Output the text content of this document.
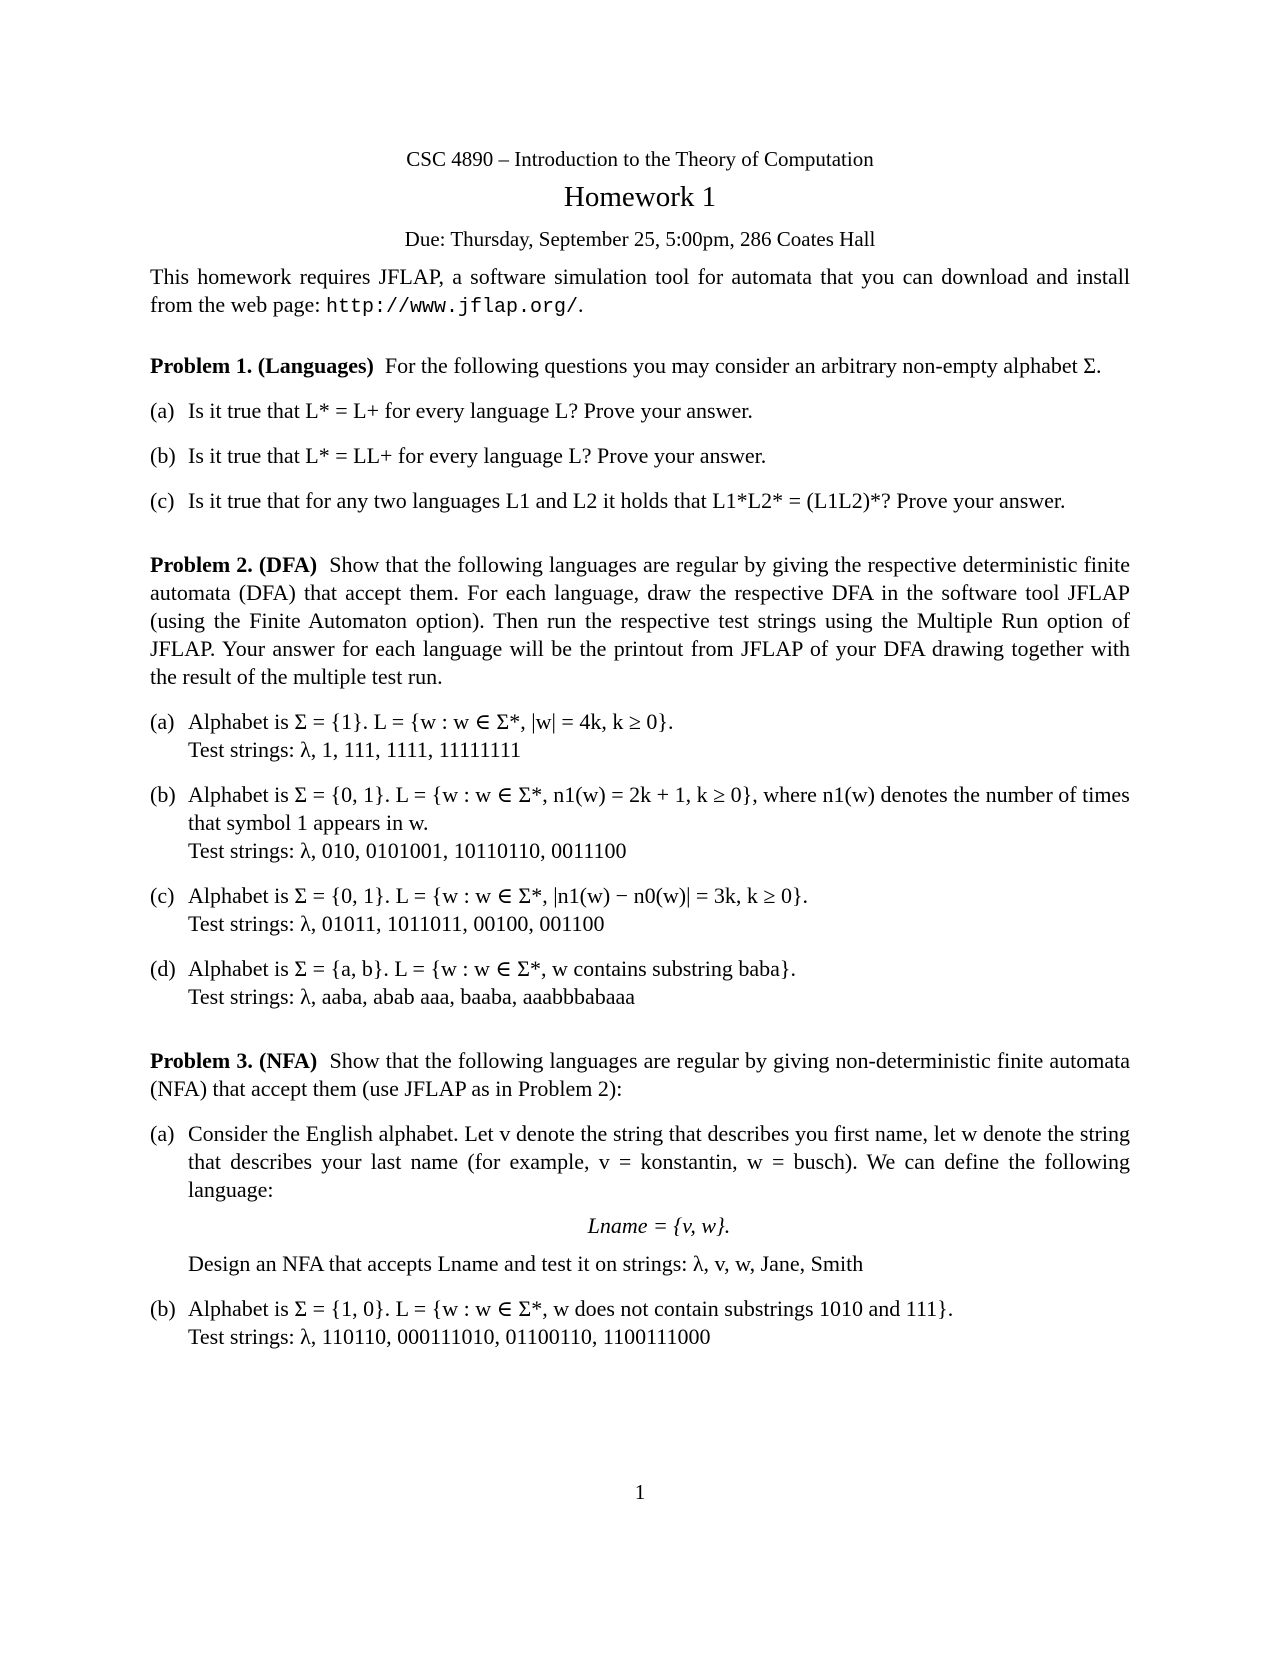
CSC 4890 – Introduction to the Theory of Computation
Homework 1
Due: Thursday, September 25, 5:00pm, 286 Coates Hall

This homework requires JFLAP, a software simulation tool for automata that you can download and install from the web page: http://www.jflap.org/.

Problem 1. (Languages) For the following questions you may consider an arbitrary non-empty alphabet Σ.

(a) Is it true that L* = L+ for every language L? Prove your answer.
(b) Is it true that L* = LL+ for every language L? Prove your answer.
(c) Is it true that for any two languages L1 and L2 it holds that L1*L2* = (L1L2)*? Prove your answer.

Problem 2. (DFA) Show that the following languages are regular by giving the respective deterministic finite automata (DFA) that accept them. For each language, draw the respective DFA in the software tool JFLAP (using the Finite Automaton option). Then run the respective test strings using the Multiple Run option of JFLAP. Your answer for each language will be the printout from JFLAP of your DFA drawing together with the result of the multiple test run.

(a) Alphabet is Σ = {1}. L = {w : w ∈ Σ*, |w| = 4k, k ≥ 0}.
Test strings: λ, 1, 111, 1111, 11111111
(b) Alphabet is Σ = {0, 1}. L = {w : w ∈ Σ*, n1(w) = 2k + 1, k ≥ 0}, where n1(w) denotes the number of times that symbol 1 appears in w.
Test strings: λ, 010, 0101001, 10110110, 0011100
(c) Alphabet is Σ = {0, 1}. L = {w : w ∈ Σ*, |n1(w) − n0(w)| = 3k, k ≥ 0}.
Test strings: λ, 01011, 1011011, 00100, 001100
(d) Alphabet is Σ = {a, b}. L = {w : w ∈ Σ*, w contains substring baba}.
Test strings: λ, aaba, abab aaa, baaba, aaabbbabaaa

Problem 3. (NFA) Show that the following languages are regular by giving non-deterministic finite automata (NFA) that accept them (use JFLAP as in Problem 2):

(a) Consider the English alphabet. Let v denote the string that describes you first name, let w denote the string that describes your last name (for example, v = konstantin, w = busch). We can define the following language:

Lname = {v, w}.

Design an NFA that accepts Lname and test it on strings: λ, v, w, Jane, Smith

(b) Alphabet is Σ = {1, 0}. L = {w : w ∈ Σ*, w does not contain substrings 1010 and 111}.
Test strings: λ, 110110, 000111010, 01100110, 1100111000
1
